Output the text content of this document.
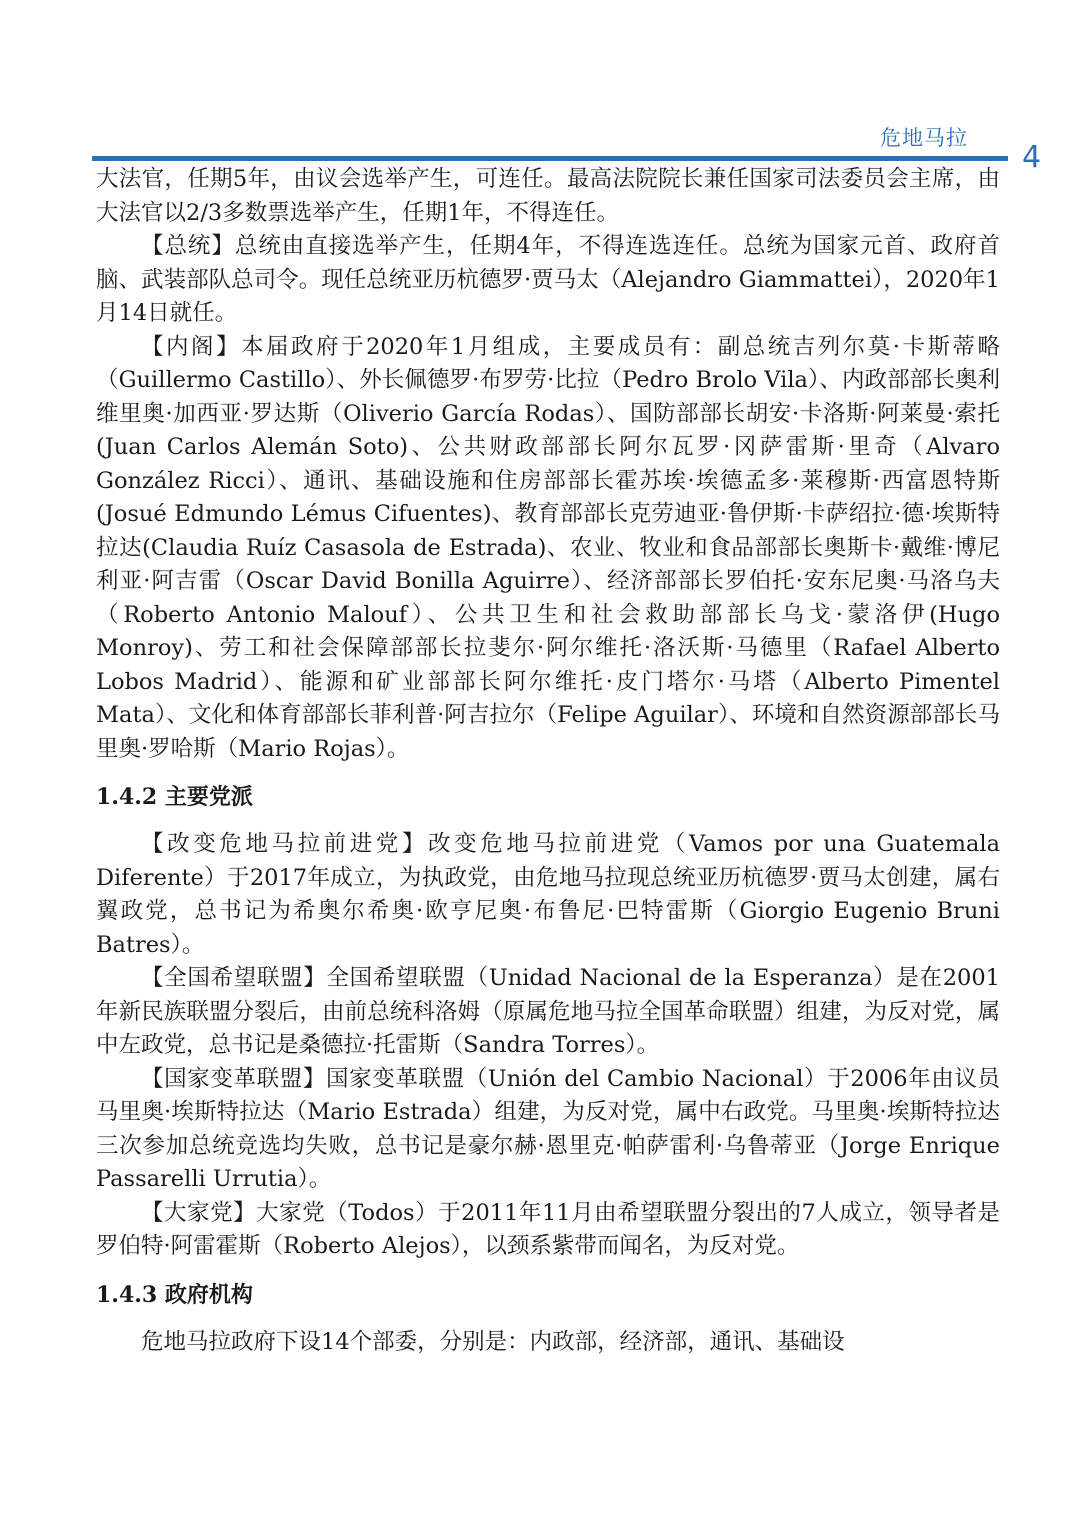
危地马拉
4

大法官，任期5年，由议会选举产生，可连任。最高法院院长兼任国家司法委员会主席，由大法官以2/3多数票选举产生，任期1年，不得连任。

【总统】总统由直接选举产生，任期4年，不得连选连任。总统为国家元首、政府首脑、武装部队总司令。现任总统亚历杭德罗·贾马太（Alejandro Giammattei），2020年1月14日就任。

【内阁】本届政府于2020年1月组成，主要成员有：副总统吉列尔莫·卡斯蒂略（Guillermo Castillo）、外长佩德罗·布罗劳·比拉（Pedro Brolo Vila）、内政部部长奥利维里奥·加西亚·罗达斯（Oliverio García Rodas）、国防部部长胡安·卡洛斯·阿莱曼·索托(Juan Carlos Alemán Soto)、公共财政部部长阿尔瓦罗·冈萨雷斯·里奇（Alvaro González Ricci）、通讯、基础设施和住房部部长霍苏埃·埃德孟多·莱穆斯·西富恩特斯(Josué Edmundo Lémus Cifuentes)、教育部部长克劳迪亚·鲁伊斯·卡萨绍拉·德·埃斯特拉达(Claudia Ruíz Casasola de Estrada)、农业、牧业和食品部部长奥斯卡·戴维·博尼利亚·阿吉雷（Oscar David Bonilla Aguirre）、经济部部长罗伯托·安东尼奥·马洛乌夫（Roberto Antonio Malouf）、公共卫生和社会救助部部长乌戈·蒙洛伊(Hugo Monroy)、劳工和社会保障部部长拉斐尔·阿尔维托·洛沃斯·马德里（Rafael Alberto Lobos Madrid）、能源和矿业部部长阿尔维托·皮门塔尔·马塔（Alberto Pimentel Mata）、文化和体育部部长菲利普·阿吉拉尔（Felipe Aguilar）、环境和自然资源部部长马里奥·罗哈斯（Mario Rojas）。

1.4.2 主要党派

【改变危地马拉前进党】改变危地马拉前进党（Vamos por una Guatemala Diferente）于2017年成立，为执政党，由危地马拉现总统亚历杭德罗·贾马太创建，属右翼政党，总书记为希奥尔希奥·欧亨尼奥·布鲁尼·巴特雷斯（Giorgio Eugenio Bruni Batres）。

【全国希望联盟】全国希望联盟（Unidad Nacional de la Esperanza）是在2001年新民族联盟分裂后，由前总统科洛姆（原属危地马拉全国革命联盟）组建，为反对党，属中左政党，总书记是桑德拉·托雷斯（Sandra Torres）。

【国家变革联盟】国家变革联盟（Unión del Cambio Nacional）于2006年由议员马里奥·埃斯特拉达（Mario Estrada）组建，为反对党，属中右政党。马里奥·埃斯特拉达三次参加总统竞选均失败，总书记是豪尔赫·恩里克·帕萨雷利·乌鲁蒂亚（Jorge Enrique Passarelli Urrutia）。

【大家党】大家党（Todos）于2011年11月由希望联盟分裂出的7人成立，领导者是罗伯特·阿雷霍斯（Roberto Alejos），以颈系紫带而闻名，为反对党。

1.4.3 政府机构

危地马拉政府下设14个部委，分别是：内政部，经济部，通讯、基础设
